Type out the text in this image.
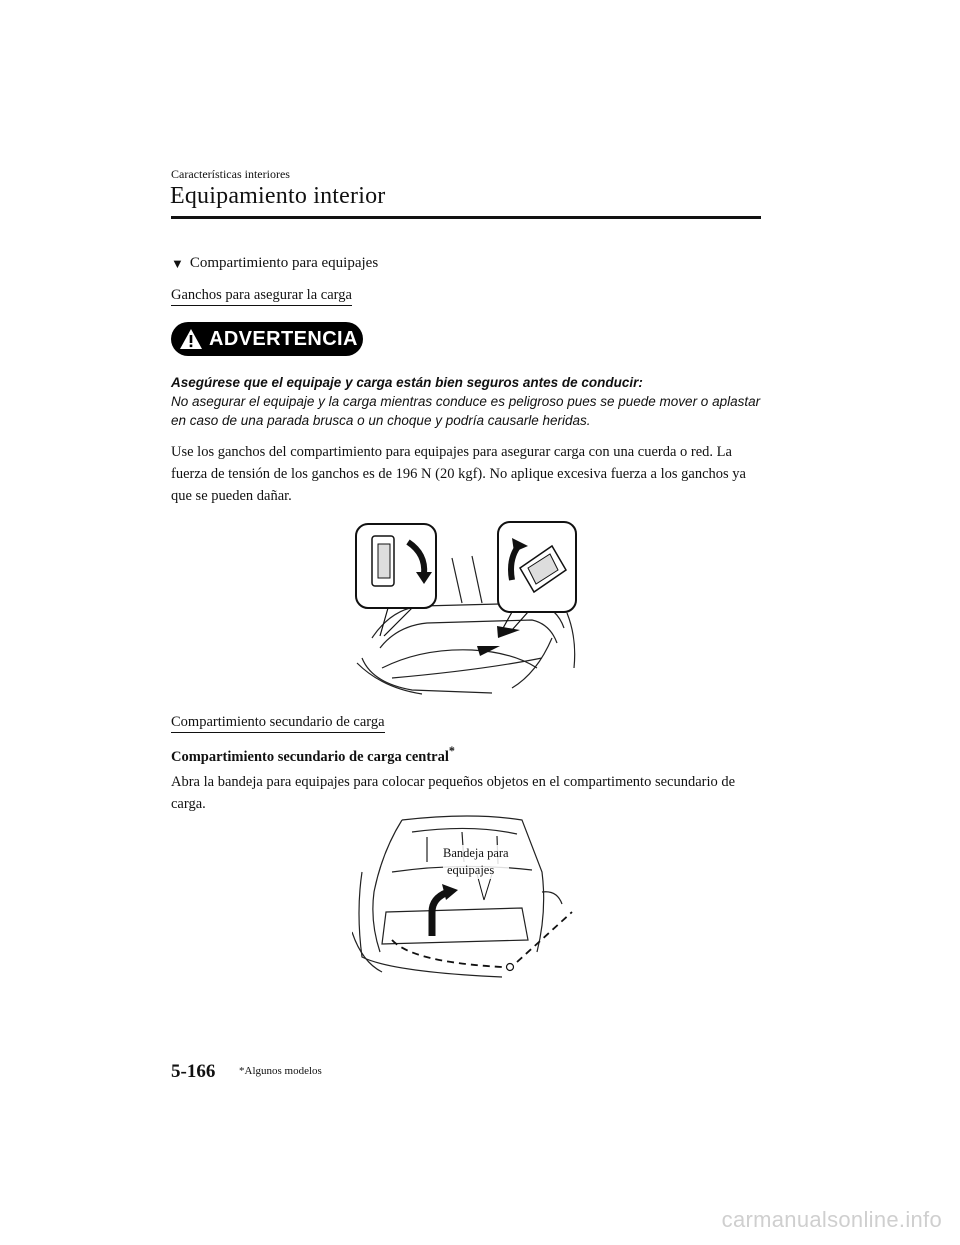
Características interiores
Equipamiento interior
▼ Compartimiento para equipajes
Ganchos para asegurar la carga
ADVERTENCIA
Asegúrese que el equipaje y carga están bien seguros antes de conducir:
No asegurar el equipaje y la carga mientras conduce es peligroso pues se puede mover o aplastar en caso de una parada brusca o un choque y podría causarle heridas.
Use los ganchos del compartimiento para equipajes para asegurar carga con una cuerda o red. La fuerza de tensión de los ganchos es de 196 N (20 kgf). No aplique excesiva fuerza a los ganchos ya que se pueden dañar.
Compartimiento secundario de carga
Compartimiento secundario de carga central*
Abra la bandeja para equipajes para colocar pequeños objetos en el compartimento secundario de carga.
Bandeja para
equipajes
5-166 *Algunos modelos
carmanualsonline.info
